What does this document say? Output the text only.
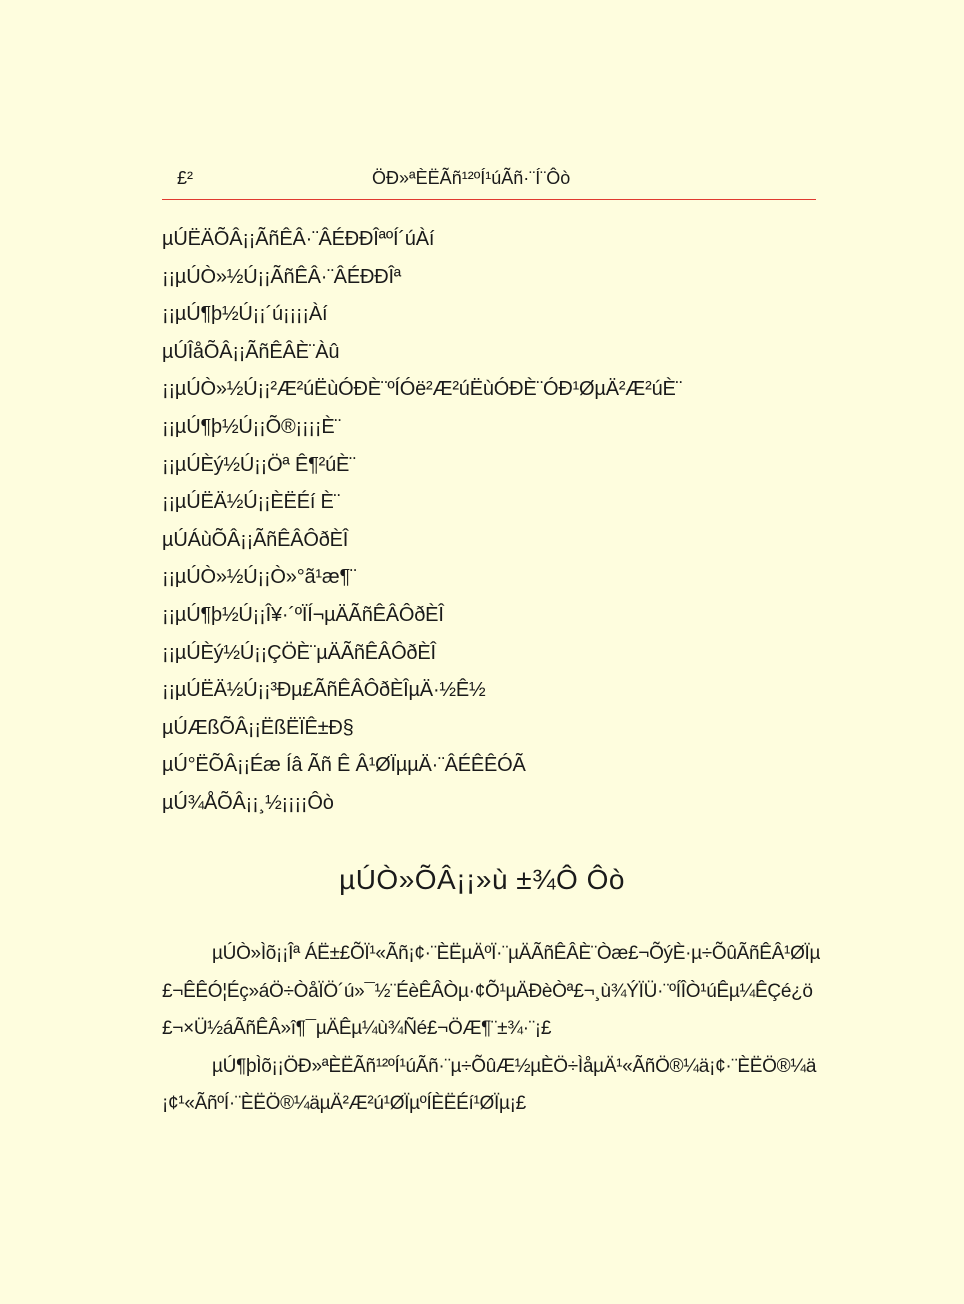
£²	ÖÐ»ªÈËÃñ¹²ºÍ¹úÃñ·¨Í¨Ôò
µÚËÄÕÂ¡¡ÃñÊÂ·¨ÂÉÐÐÎªºÍ´úÀí
¡¡µÚÒ»½Ú¡¡ÃñÊÂ·¨ÂÉÐÐÎª
¡¡µÚ¶þ½Ú¡¡´ú¡¡¡¡Àí
µÚÎåÕÂ¡¡ÃñÊÂÈ¨Àû
¡¡µÚÒ»½Ú¡¡²Æ²úËùÓÐÈ¨ºÍÓë²Æ²úËùÓÐÈ¨ÓÐ¹ØµÄ²Æ²úÈ¨
¡¡µÚ¶þ½Ú¡¡Õ®¡¡¡¡È¨
¡¡µÚÈý½Ú¡¡Öª Ê¶²úÈ¨
¡¡µÚËÄ½Ú¡¡ÈËÉí È¨
µÚÁùÕÂ¡¡ÃñÊÂÔðÈÎ
¡¡µÚÒ»½Ú¡¡Ò»°ã¹æ¶¨
¡¡µÚ¶þ½Ú¡¡Î¥·´ºÏÍ¬µÄÃñÊÂÔðÈÎ
¡¡µÚÈý½Ú¡¡ÇÖÈ¨µÄÃñÊÂÔðÈÎ
¡¡µÚËÄ½Ú¡¡³Ðµ£ÃñÊÂÔðÈÎµÄ·½Ê½
µÚÆßÕÂ¡¡ËßËÏÊ±Ð§
µÚ°ËÕÂ¡¡Éæ Íâ Ãñ Ê Â¹ØÏµµÄ·¨ÂÉÊÊÓÃ
µÚ¾ÅÕÂ¡¡¸½¡¡¡¡Ôò
µÚÒ»ÕÂ¡¡»ù ±¾Ô Ôò

µÚÒ»Ìõ¡¡Îª ÁË±£ÕÏ¹«Ãñ¡¢·¨ÈËµÄºÏ·¨µÄÃñÊÂÈ¨Òæ£¬ÕýÈ·µ÷ÕûÃñÊÂ¹ØÏµ£¬ÊÊÓ¦Éç»áÖ÷ÒåÏÖ´ú»¯½¨ÉèÊÂÒµ·¢Õ¹µÄÐèÒª£¬¸ù¾ÝÏÜ·¨ºÍÎÒ¹úÊµ¼ÊÇé¿ö£¬×Ü½áÃñÊÂ»î¶¯µÄÊµ¼ù¾Ñé£¬ÖÆ¶¨±¾·¨¡£

µÚ¶þÌõ¡¡ÖÐ»ªÈËÃñ¹²ºÍ¹úÃñ·¨µ÷ÕûÆ½µÈÖ÷ÌåµÄ¹«ÃñÖ®¼ä¡¢·¨ÈËÖ®¼ä¡¢¹«ÃñºÍ·¨ÈËÖ®¼äµÄ²Æ²ú¹ØÏµºÍÈËÉí¹ØÏµ¡£
